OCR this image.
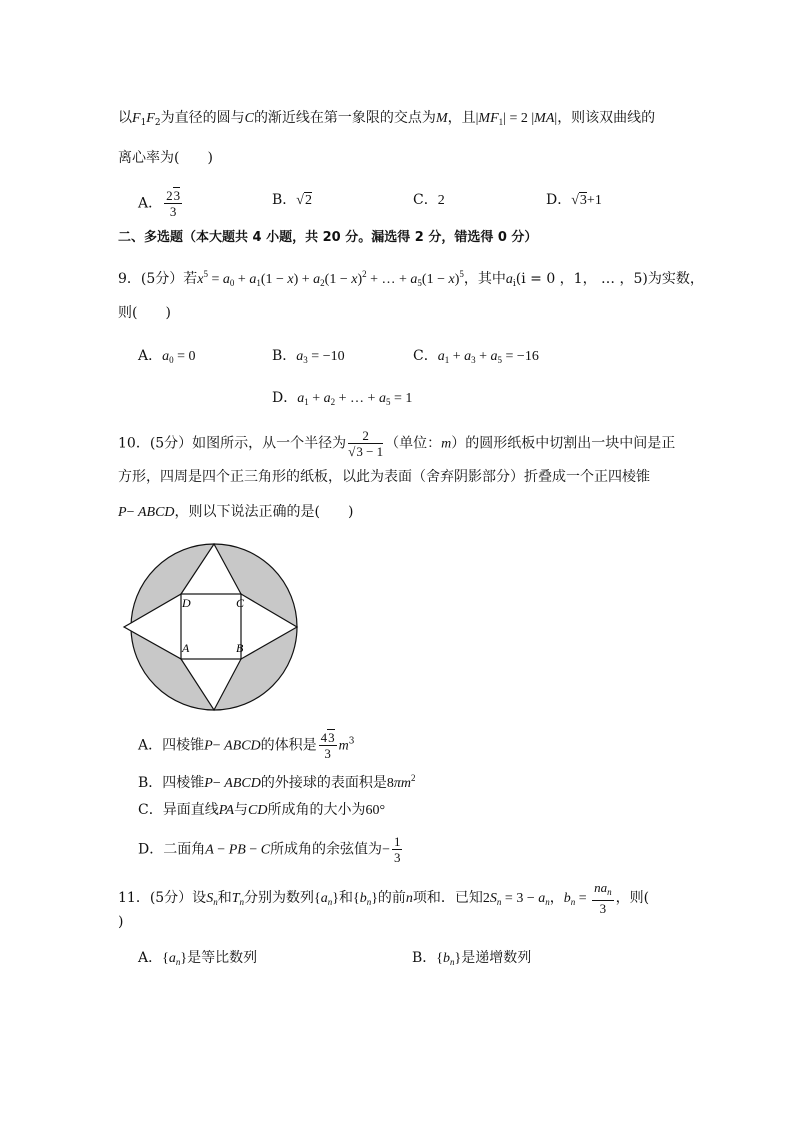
以$F_1F_2$为直径的圆与C的渐近线在第一象限的交点为M，且$|MF_1| = 2$ |MA|，则该双曲线的
离心率为(　　)
A． $\frac{23}{3}$	B．√2	C．2	D．√3+1
二、多选题（本大题共 4 小题，共 20 分。漏选得 2 分，错选得 0 分）
9．(5分）若$x^5 = a_0 + a_1(1 - x) + a_2(1 - x)^2$ + … + $a_5(1 - x)^5$，其中$a_i(i = 0$ ，1， … ，5)为实数，
则(　　)
A．$a_0 = 0$	B．$a_3 = -10$	C．$a_1 + a_3 + a_5 = -16$
D．$a_1 + a_2$ + … + $a_5 = 1$
10．(5分）如图所示，从一个半径为 $\frac{2}{√3 - 1}$ （单位：m）的圆形纸板中切割出一块中间是正
方形，四周是四个正三角形的纸板，以此为表面（舍弃阴影部分）折叠成一个正四棱锥
P− ABCD，则以下说法正确的是(　　)
D	C
A	B
A．四棱锥P− ABCD的体积是 $\frac{43}{3} m^3$
B．四棱锥P− ABCD的外接球的表面积是$8\pi m^2$
C．异面直线PA与CD所成角的大小为60°
D．二面角A − PB − C所成角的余弦值为− $\frac{1}{3}$
11．(5分）设$S_n$和$T_n$分别为数列$\{a_n\}$和$\{b_n\}$的前n项和．已知$2S_n = 3 - a_n$，$b_n = \frac{na_n}{3}$ ，则(
)
A．$\{a_n\}$是等比数列	B．$\{b_n\}$是递增数列
